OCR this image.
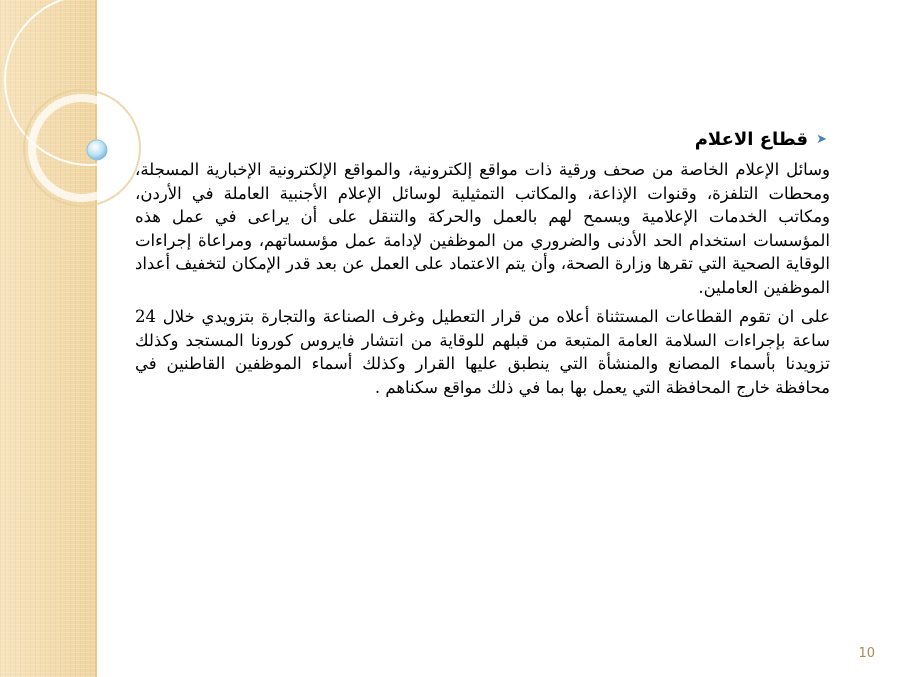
➤
قطاع الاعلام

وسائل الإعلام الخاصة من صحف ورقية ذات مواقع إلكترونية، والمواقع الإلكترونية الإخبارية المسجلة، ومحطات التلفزة، وقنوات الإذاعة، والمكاتب التمثيلية لوسائل الإعلام الأجنبية العاملة في الأردن، ومكاتب الخدمات الإعلامية ويسمح لهم بالعمل والحركة والتنقل على أن يراعى في عمل هذه المؤسسات استخدام الحد الأدنى والضروري من الموظفين لإدامة عمل مؤسساتهم، ومراعاة إجراءات الوقاية الصحية التي تقرها وزارة الصحة، وأن يتم الاعتماد على العمل عن بعد قدر الإمكان لتخفيف أعداد الموظفين العاملين.

على ان تقوم القطاعات المستثناة أعلاه من قرار التعطيل وغرف الصناعة والتجارة بتزويدي خلال 24 ساعة بإجراءات السلامة العامة المتبعة من قبلهم للوقاية من انتشار فايروس كورونا المستجد وكذلك تزويدنا بأسماء المصانع والمنشأة التي ينطبق عليها القرار وكذلك أسماء الموظفين القاطنين في محافظة خارج المحافظة التي يعمل بها بما في ذلك مواقع سكناهم .

10
